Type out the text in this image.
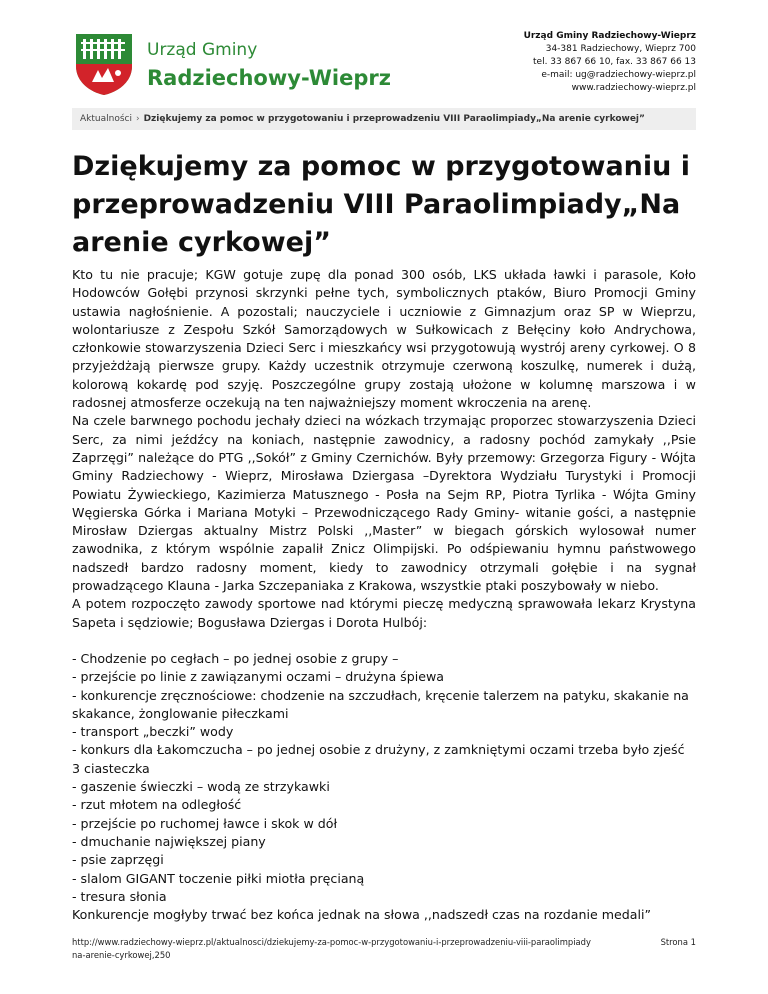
Urząd Gminy
Radziechowy-Wieprz
Urząd Gminy Radziechowy-Wieprz
34-381 Radziechowy, Wieprz 700
tel. 33 867 66 10, fax. 33 867 66 13
e-mail: ug@radziechowy-wieprz.pl
www.radziechowy-wieprz.pl
Aktualności › Dziękujemy za pomoc w przygotowaniu i przeprowadzeniu VIII Paraolimpiady„Na arenie cyrkowej”
Dziękujemy za pomoc w przygotowaniu i przeprowadzeniu VIII Paraolimpiady„Na arenie cyrkowej”

Kto tu nie pracuje; KGW gotuje zupę dla ponad 300 osób, LKS układa ławki i parasole, Koło Hodowców Gołębi przynosi skrzynki pełne tych, symbolicznych ptaków, Biuro Promocji Gminy ustawia nagłośnienie. A pozostali; nauczyciele i uczniowie z Gimnazjum oraz SP w Wieprzu, wolontariusze z Zespołu Szkół Samorządowych w Sułkowicach z Bełęciny koło Andrychowa, członkowie stowarzyszenia Dzieci Serc i mieszkańcy wsi przygotowują wystrój areny cyrkowej. O 8 przyjeżdżają pierwsze grupy. Każdy uczestnik otrzymuje czerwoną koszulkę, numerek i dużą, kolorową kokardę pod szyję. Poszczególne grupy zostają ułożone w kolumnę marszowa i w radosnej atmosferze oczekują na ten najważniejszy moment wkroczenia na arenę.

Na czele barwnego pochodu jechały dzieci na wózkach trzymając proporzec stowarzyszenia Dzieci Serc, za nimi jeźdźcy na koniach, następnie zawodnicy, a radosny pochód zamykały ,,Psie Zaprzęgi” należące do PTG ,,Sokół” z Gminy Czernichów. Były przemowy: Grzegorza Figury - Wójta Gminy Radziechowy - Wieprz, Mirosława Dziergasa –Dyrektora Wydziału Turystyki i Promocji Powiatu Żywieckiego, Kazimierza Matusznego - Posła na Sejm RP, Piotra Tyrlika - Wójta Gminy Węgierska Górka i Mariana Motyki – Przewodniczącego Rady Gminy- witanie gości, a następnie Mirosław Dziergas aktualny Mistrz Polski ,,Master” w biegach górskich wylosował numer zawodnika, z którym wspólnie zapalił Znicz Olimpijski. Po odśpiewaniu hymnu państwowego nadszedł bardzo radosny moment, kiedy to zawodnicy otrzymali gołębie i na sygnał prowadzącego Klauna - Jarka Szczepaniaka z Krakowa, wszystkie ptaki poszybowały w niebo.

A potem rozpoczęto zawody sportowe nad którymi pieczę medyczną sprawowała lekarz Krystyna Sapeta i sędziowie; Bogusława Dziergas i Dorota Hulbój:

- Chodzenie po cegłach – po jednej osobie z grupy –
- przejście po linie z zawiązanymi oczami – drużyna śpiewa
- konkurencje zręcznościowe: chodzenie na szczudłach, kręcenie talerzem na patyku, skakanie na skakance, żonglowanie piłeczkami
- transport „beczki” wody
- konkurs dla Łakomczucha – po jednej osobie z drużyny, z zamkniętymi oczami trzeba było zjeść 3 ciasteczka
- gaszenie świeczki – wodą ze strzykawki
- rzut młotem na odległość
- przejście po ruchomej ławce i skok w dół
- dmuchanie największej piany
- psie zaprzęgi
- slalom GIGANT toczenie piłki miotła pręcianą
- tresura słonia

Konkurencje mogłyby trwać bez końca jednak na słowa ,,nadszedł czas na rozdanie medali”

http://www.radziechowy-wieprz.pl/aktualnosci/dziekujemy-za-pomoc-w-przygotowaniu-i-przeprowadzeniu-viii-paraolimpiadyna-arenie-cyrkowej,250
Strona 1
